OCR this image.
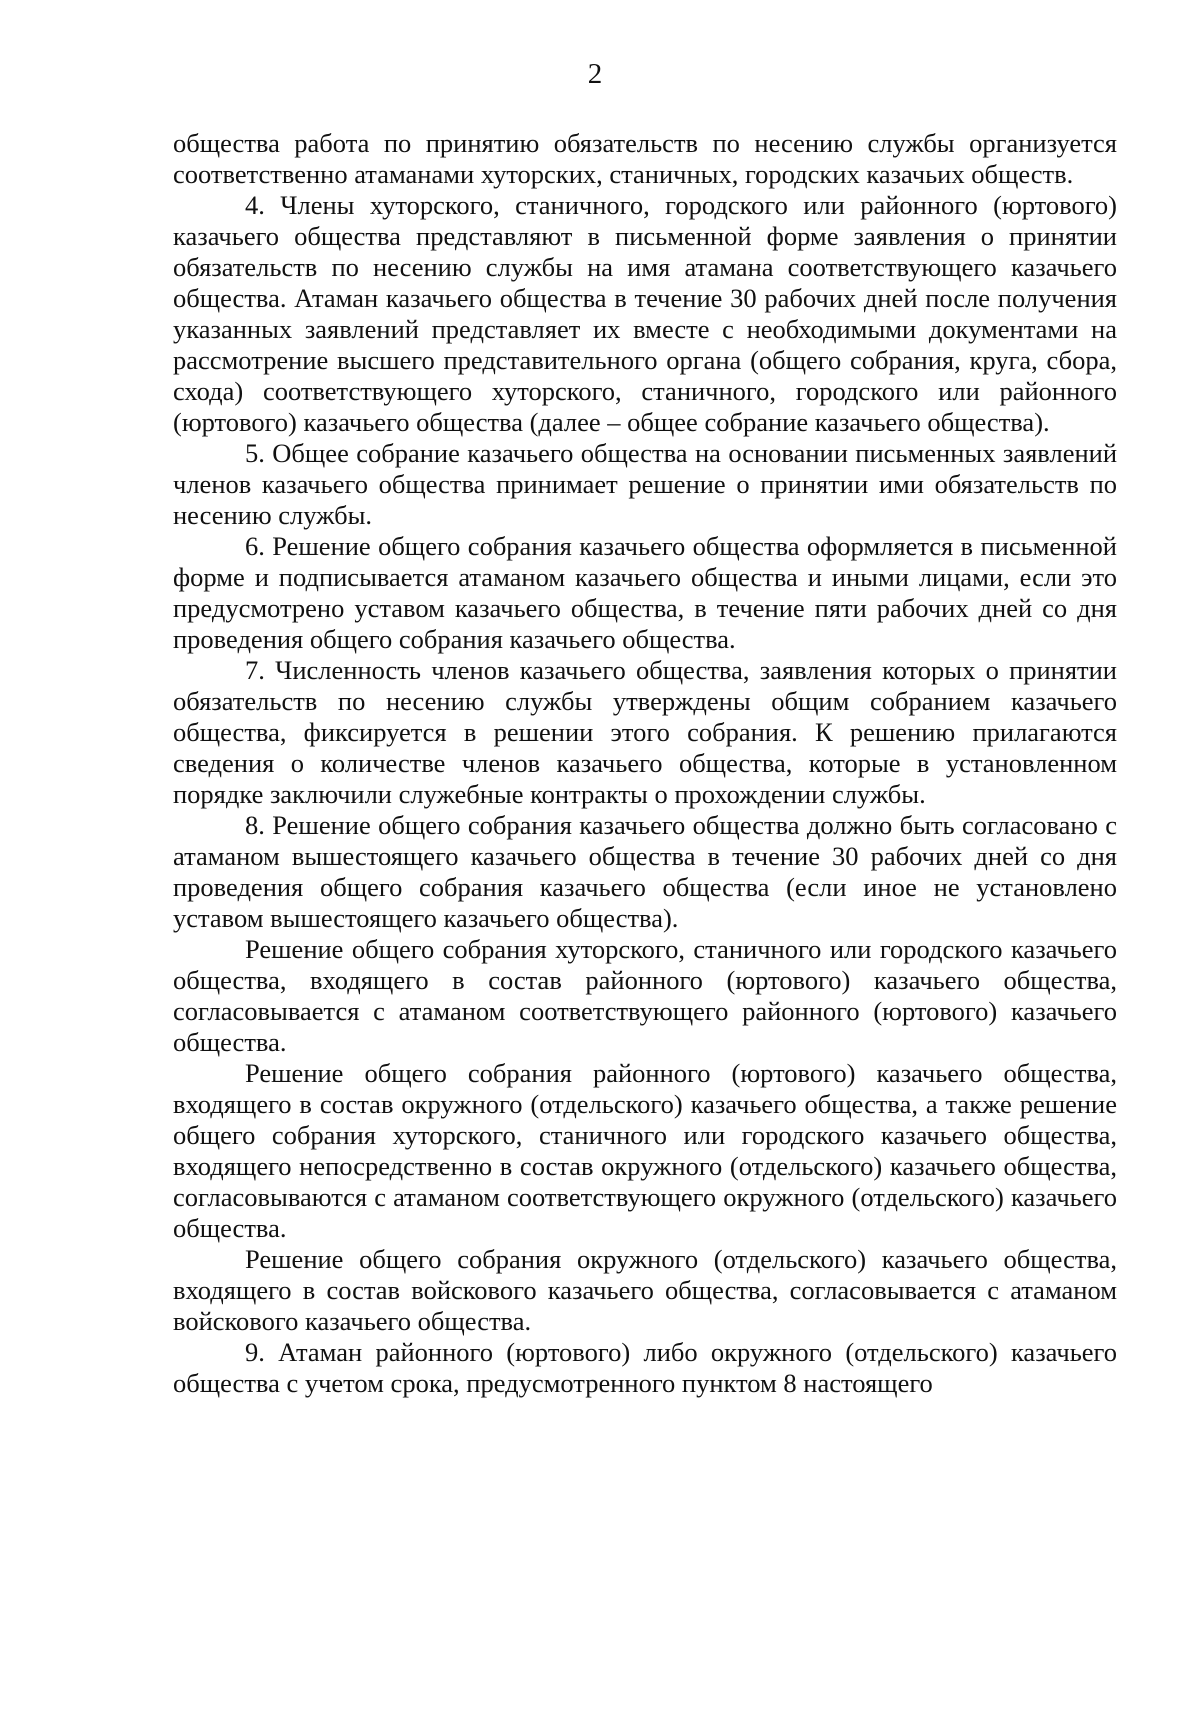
2

общества работа по принятию обязательств по несению службы организуется соответственно атаманами хуторских, станичных, городских казачьих обществ.

4. Члены хуторского, станичного, городского или районного (юртового) казачьего общества представляют в письменной форме заявления о принятии обязательств по несению службы на имя атамана соответствующего казачьего общества. Атаман казачьего общества в течение 30 рабочих дней после получения указанных заявлений представляет их вместе с необходимыми документами на рассмотрение высшего представительного органа (общего собрания, круга, сбора, схода) соответствующего хуторского, станичного, городского или районного (юртового) казачьего общества (далее – общее собрание казачьего общества).

5. Общее собрание казачьего общества на основании письменных заявлений членов казачьего общества принимает решение о принятии ими обязательств по несению службы.

6. Решение общего собрания казачьего общества оформляется в письменной форме и подписывается атаманом казачьего общества и иными лицами, если это предусмотрено уставом казачьего общества, в течение пяти рабочих дней со дня проведения общего собрания казачьего общества.

7. Численность членов казачьего общества, заявления которых о принятии обязательств по несению службы утверждены общим собранием казачьего общества, фиксируется в решении этого собрания. К решению прилагаются сведения о количестве членов казачьего общества, которые в установленном порядке заключили служебные контракты о прохождении службы.

8. Решение общего собрания казачьего общества должно быть согласовано с атаманом вышестоящего казачьего общества в течение 30 рабочих дней со дня проведения общего собрания казачьего общества (если иное не установлено уставом вышестоящего казачьего общества).

Решение общего собрания хуторского, станичного или городского казачьего общества, входящего в состав районного (юртового) казачьего общества, согласовывается с атаманом соответствующего районного (юртового) казачьего общества.

Решение общего собрания районного (юртового) казачьего общества, входящего в состав окружного (отдельского) казачьего общества, а также решение общего собрания хуторского, станичного или городского казачьего общества, входящего непосредственно в состав окружного (отдельского) казачьего общества, согласовываются с атаманом соответствующего окружного (отдельского) казачьего общества.

Решение общего собрания окружного (отдельского) казачьего общества, входящего в состав войскового казачьего общества, согласовывается с атаманом войскового казачьего общества.

9. Атаман районного (юртового) либо окружного (отдельского) казачьего общества с учетом срока, предусмотренного пунктом 8 настоящего
